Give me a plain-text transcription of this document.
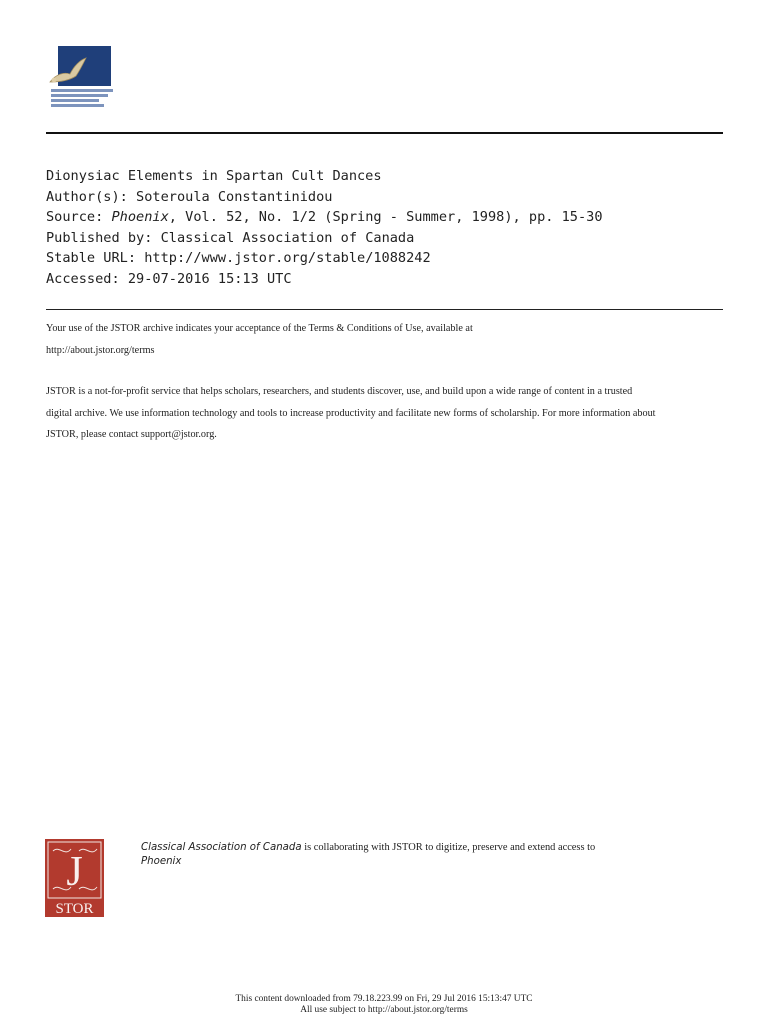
Dionysiac Elements in Spartan Cult Dances
Author(s): Soteroula Constantinidou
Source: Phoenix, Vol. 52, No. 1/2 (Spring - Summer, 1998), pp. 15-30
Published by: Classical Association of Canada
Stable URL: http://www.jstor.org/stable/1088242
Accessed: 29-07-2016 15:13 UTC

Your use of the JSTOR archive indicates your acceptance of the Terms & Conditions of Use, available at

http://about.jstor.org/terms

JSTOR is a not-for-profit service that helps scholars, researchers, and students discover, use, and build upon a wide range of content in a trusted

digital archive. We use information technology and tools to increase productivity and facilitate new forms of scholarship. For more information about

JSTOR, please contact support@jstor.org.

J
STOR
Classical Association of Canada is collaborating with JSTOR to digitize, preserve and extend access to
Phoenix
This content downloaded from 79.18.223.99 on Fri, 29 Jul 2016 15:13:47 UTC
All use subject to http://about.jstor.org/terms
